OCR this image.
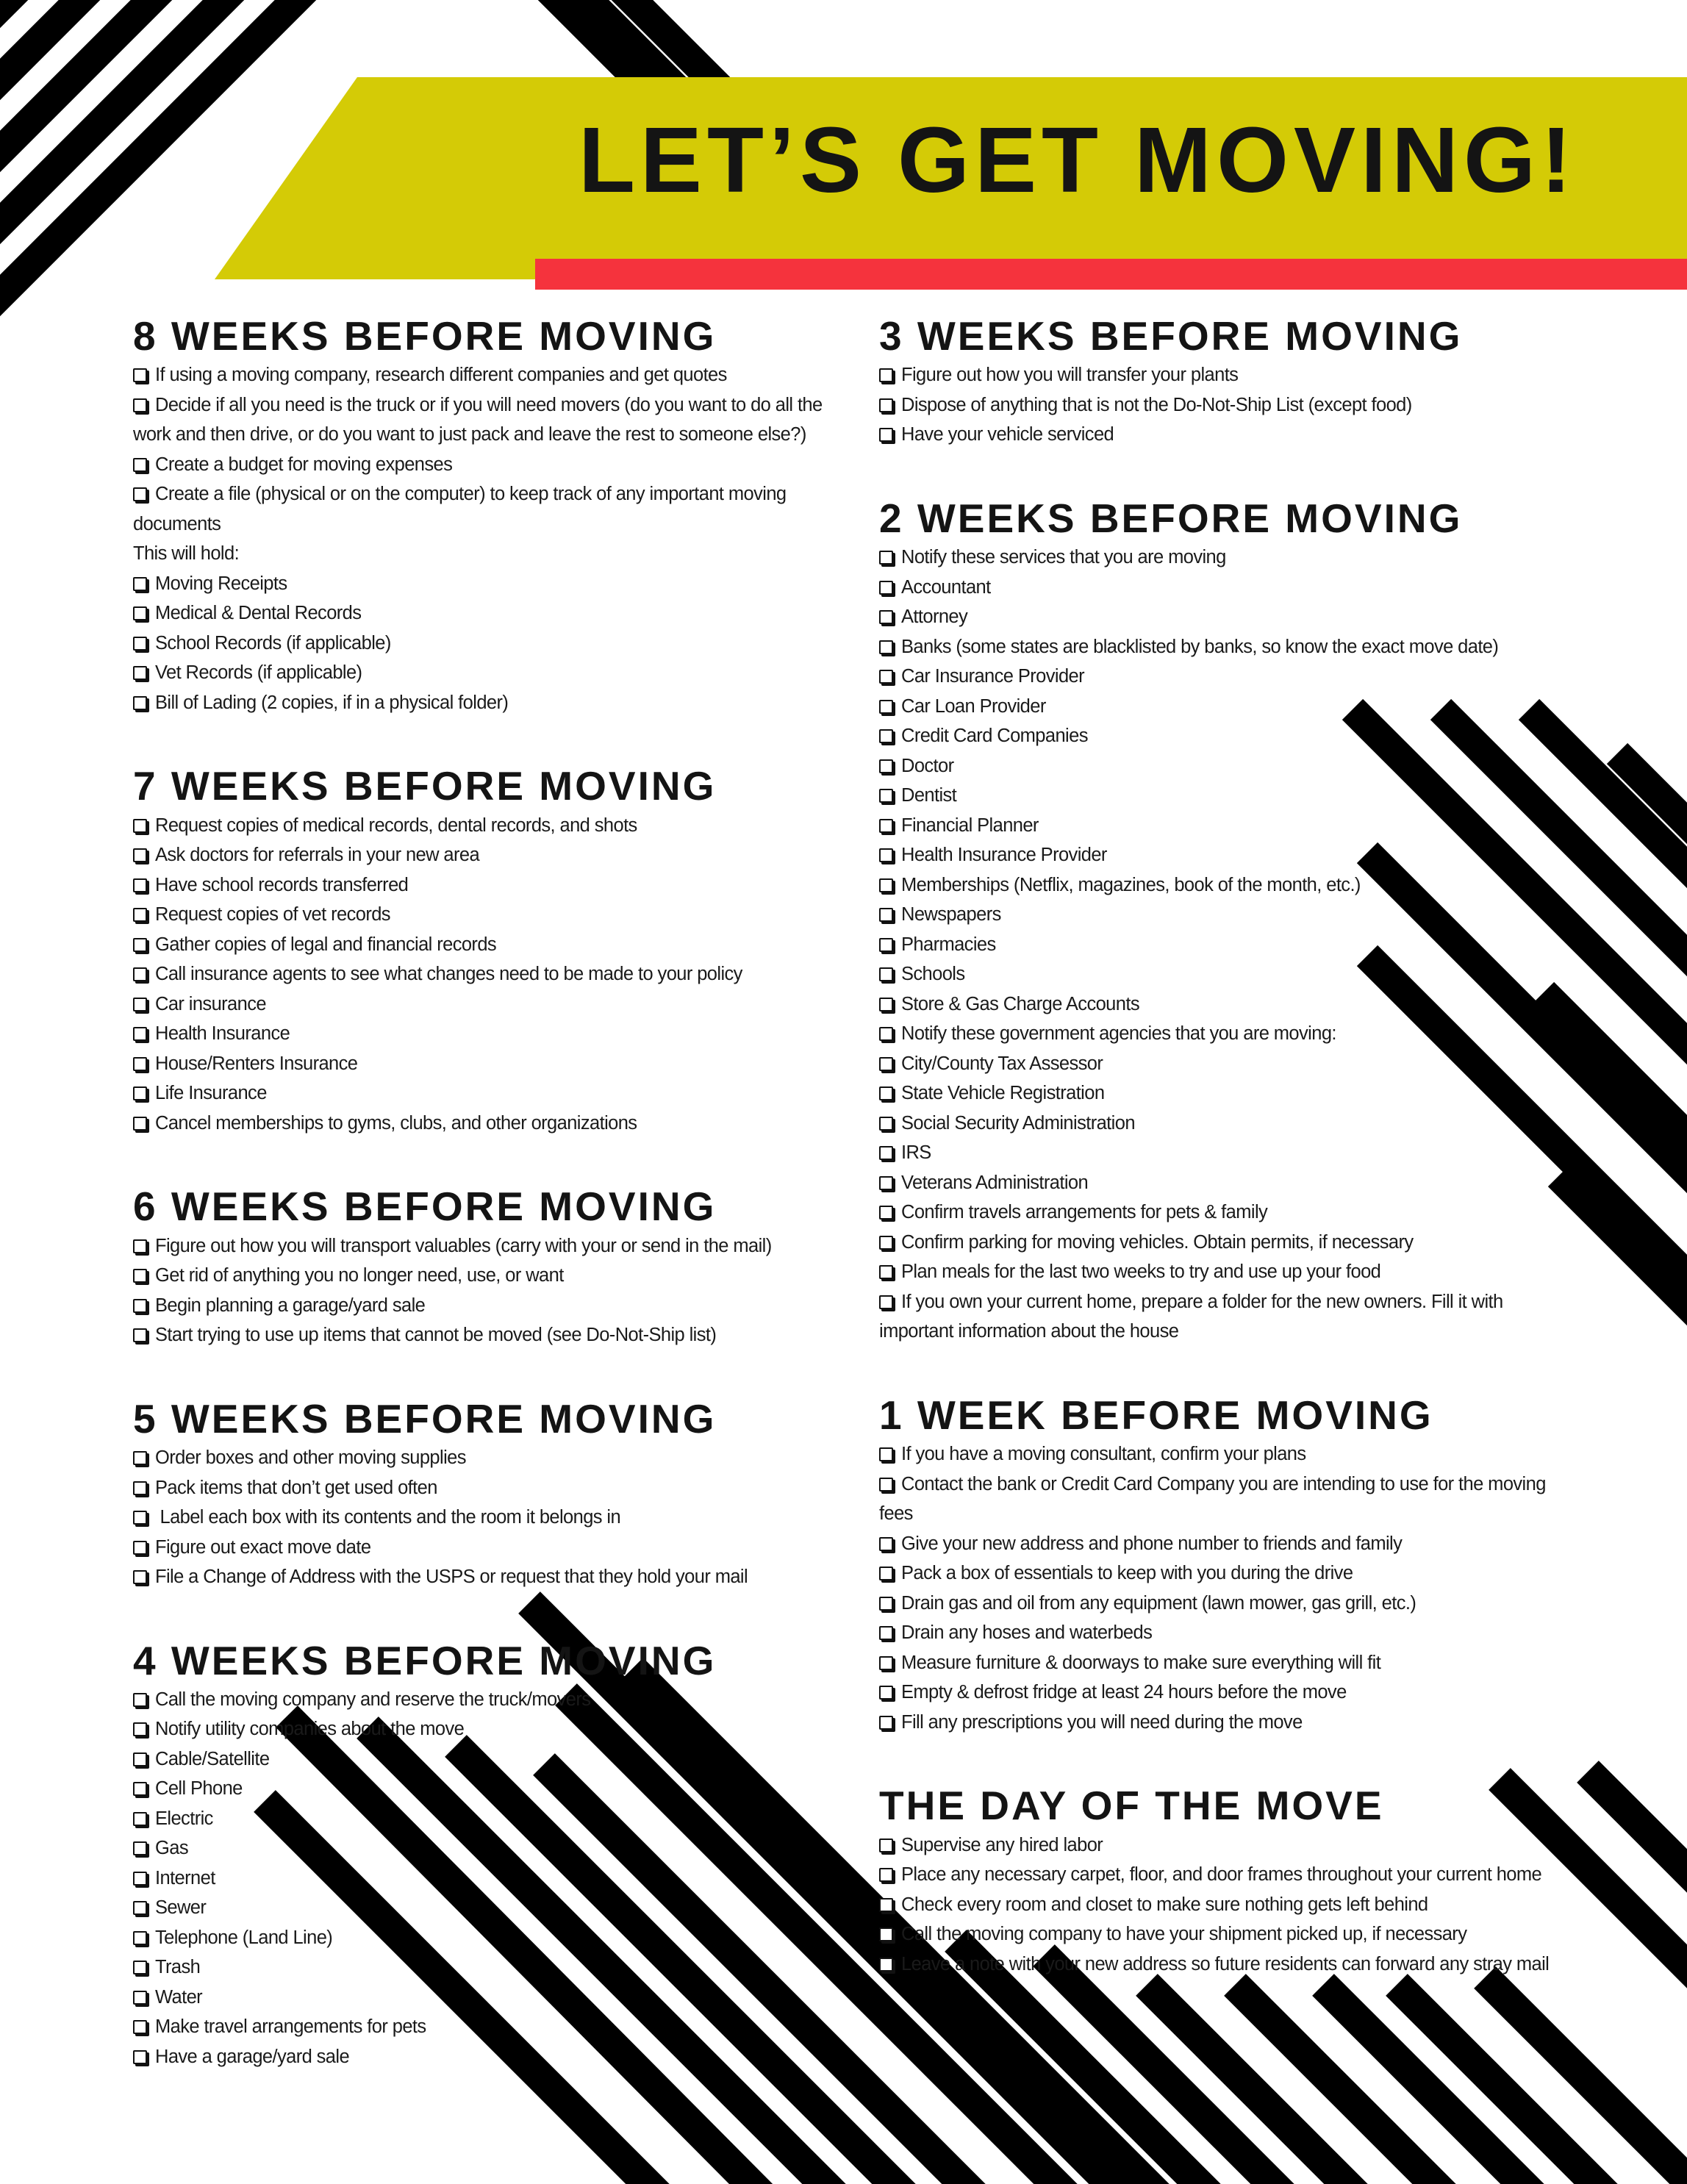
LET’S GET MOVING!
8 WEEKS BEFORE MOVING
If using a moving company, research different companies and get quotes
Decide if all you need is the truck or if you will need movers (do you want to do all the work and then drive, or do you want to just pack and leave the rest to someone else?)
Create a budget for moving expenses
Create a file (physical or on the computer) to keep track of any important moving documents
This will hold:
Moving Receipts
Medical & Dental Records
School Records (if applicable)
Vet Records (if applicable)
Bill of Lading (2 copies, if in a physical folder)
7 WEEKS BEFORE MOVING
Request copies of medical records, dental records, and shots
Ask doctors for referrals in your new area
Have school records transferred
Request copies of vet records
Gather copies of legal and financial records
Call insurance agents to see what changes need to be made to your policy
Car insurance
Health Insurance
House/Renters Insurance
Life Insurance
Cancel memberships to gyms, clubs, and other organizations
6 WEEKS BEFORE MOVING
Figure out how you will transport valuables (carry with your or send in the mail)
Get rid of anything you no longer need, use, or want
Begin planning a garage/yard sale
Start trying to use up items that cannot be moved (see Do-Not-Ship list)
5 WEEKS BEFORE MOVING
Order boxes and other moving supplies
Pack items that don’t get used often
Label each box with its contents and the room it belongs in
Figure out exact move date
File a Change of Address with the USPS or request that they hold your mail
4 WEEKS BEFORE MOVING
Call the moving company and reserve the truck/movers
Notify utility companies about the move
Cable/Satellite
Cell Phone
Electric
Gas
Internet
Sewer
Telephone (Land Line)
Trash
Water
Make travel arrangements for pets
Have a garage/yard sale
3 WEEKS BEFORE MOVING
Figure out how you will transfer your plants
Dispose of anything that is not the Do-Not-Ship List (except food)
Have your vehicle serviced
2 WEEKS BEFORE MOVING
Notify these services that you are moving
Accountant
Attorney
Banks (some states are blacklisted by banks, so know the exact move date)
Car Insurance Provider
Car Loan Provider
Credit Card Companies
Doctor
Dentist
Financial Planner
Health Insurance Provider
Memberships (Netflix, magazines, book of the month, etc.)
Newspapers
Pharmacies
Schools
Store & Gas Charge Accounts
Notify these government agencies that you are moving:
City/County Tax Assessor
State Vehicle Registration
Social Security Administration
IRS
Veterans Administration
Confirm travels arrangements for pets & family
Confirm parking for moving vehicles. Obtain permits, if necessary
Plan meals for the last two weeks to try and use up your food
If you own your current home, prepare a folder for the new owners. Fill it with important information about the house
1 WEEK BEFORE MOVING
If you have a moving consultant, confirm your plans
Contact the bank or Credit Card Company you are intending to use for the moving fees
Give your new address and phone number to friends and family
Pack a box of essentials to keep with you during the drive
Drain gas and oil from any equipment (lawn mower, gas grill, etc.)
Drain any hoses and waterbeds
Measure furniture & doorways to make sure everything will fit
Empty & defrost fridge at least 24 hours before the move
Fill any prescriptions you will need during the move
THE DAY OF THE MOVE
Supervise any hired labor
Place any necessary carpet, floor, and door frames throughout your current home
Check every room and closet to make sure nothing gets left behind
Call the moving company to have your shipment picked up, if necessary
Leave a note with your new address so future residents can forward any stray mail
